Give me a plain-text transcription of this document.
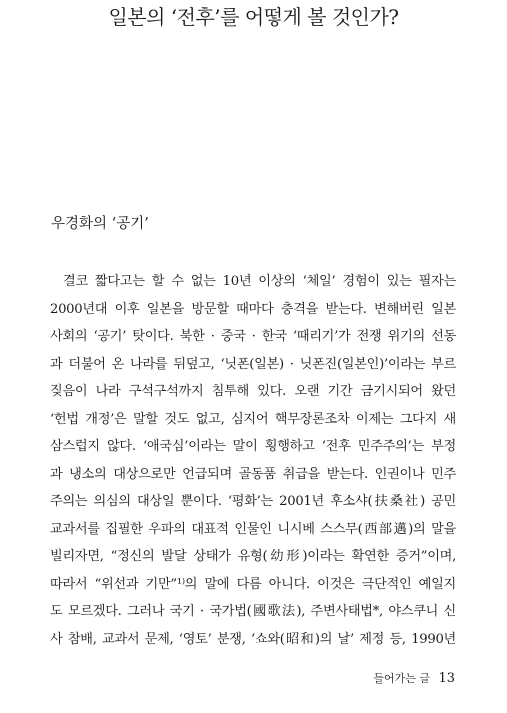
일본의 ‘전후’를 어떻게 볼 것인가?
우경화의 ‘공기’
결코 짧다고는 할 수 없는 10년 이상의 ‘체일’ 경험이 있는 필자는
2000년대 이후 일본을 방문할 때마다 충격을 받는다. 변해버린 일본
사회의 ‘공기’ 탓이다. 북한 · 중국 · 한국 ‘때리기’가 전쟁 위기의 선동
과 더불어 온 나라를 뒤덮고, ‘닛폰(일본) · 닛폰진(일본인)’이라는 부르
짖음이 나라 구석구석까지 침투해 있다. 오랜 기간 금기시되어 왔던
‘헌법 개정’은 말할 것도 없고, 심지어 핵무장론조차 이제는 그다지 새
삼스럽지 않다. ‘애국심’이라는 말이 횡행하고 ‘전후 민주주의’는 부정
과 냉소의 대상으로만 언급되며 골동품 취급을 받는다. 인권이나 민주
주의는 의심의 대상일 뿐이다. ‘평화’는 2001년 후소샤(扶桑社) 공민
교과서를 집필한 우파의 대표적 인물인 니시베 스스무(西部邁)의 말을
빌리자면, “정신의 발달 상태가 유형(幼形)이라는 확연한 증거”이며,
따라서 “위선과 기만”¹⁾의 말에 다름 아니다. 이것은 극단적인 예일지
도 모르겠다. 그러나 국기 · 국가법(國歌法), 주변사태법*, 야스쿠니 신
사 참배, 교과서 문제, ‘영토’ 분쟁, ‘쇼와(昭和)의 날’ 제정 등, 1990년
들어가는 글 13
